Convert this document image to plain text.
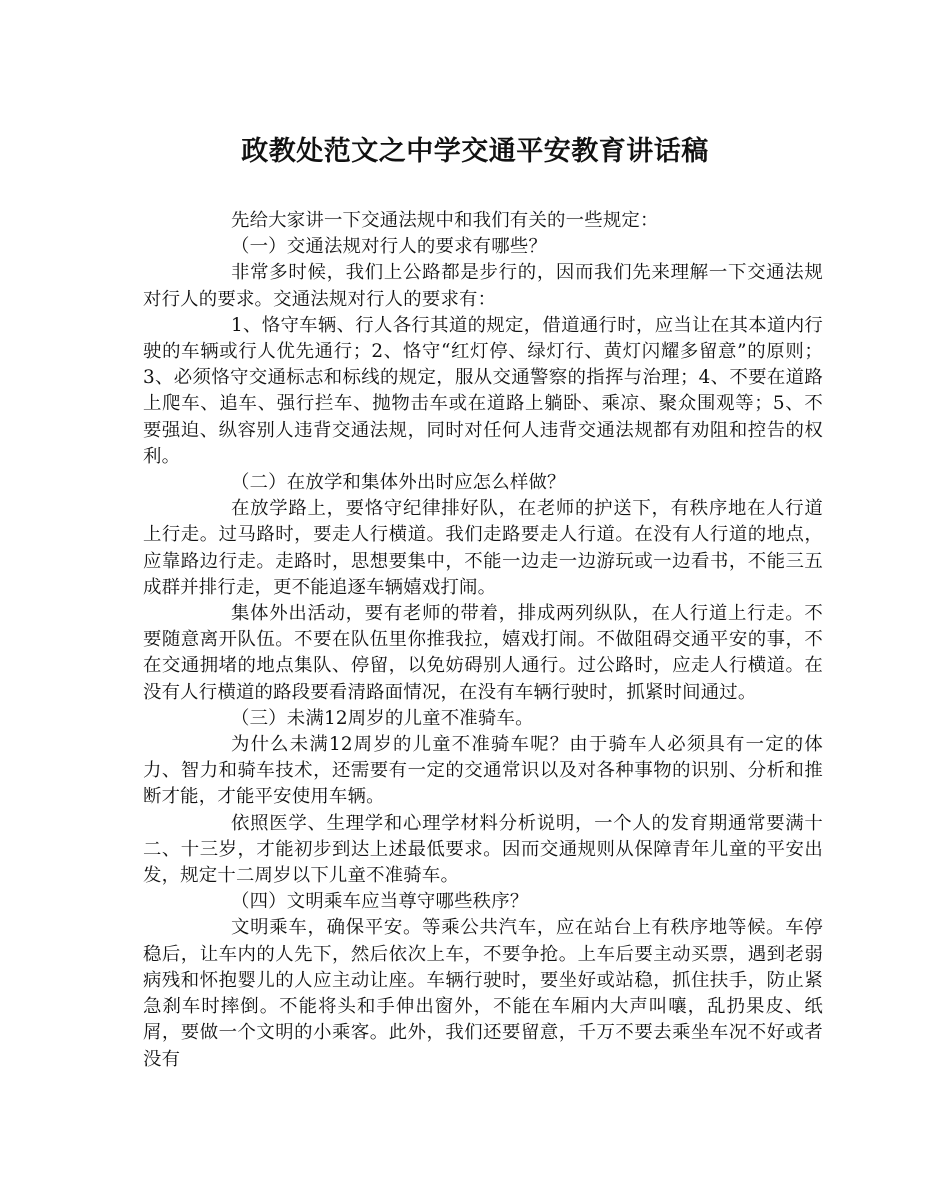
政教处范文之中学交通平安教育讲话稿

先给大家讲一下交通法规中和我们有关的一些规定：

（一）交通法规对行人的要求有哪些？

非常多时候，我们上公路都是步行的，因而我们先来理解一下交通法规对行人的要求。交通法规对行人的要求有：

1、恪守车辆、行人各行其道的规定，借道通行时，应当让在其本道内行驶的车辆或行人优先通行；2、恪守“红灯停、绿灯行、黄灯闪耀多留意”的原则；3、必须恪守交通标志和标线的规定，服从交通警察的指挥与治理；4、不要在道路上爬车、追车、强行拦车、抛物击车或在道路上躺卧、乘凉、聚众围观等；5、不要强迫、纵容别人违背交通法规，同时对任何人违背交通法规都有劝阻和控告的权利。

（二）在放学和集体外出时应怎么样做？

在放学路上，要恪守纪律排好队，在老师的护送下，有秩序地在人行道上行走。过马路时，要走人行横道。我们走路要走人行道。在没有人行道的地点，应靠路边行走。走路时，思想要集中，不能一边走一边游玩或一边看书，不能三五成群并排行走，更不能追逐车辆嬉戏打闹。

集体外出活动，要有老师的带着，排成两列纵队，在人行道上行走。不要随意离开队伍。不要在队伍里你推我拉，嬉戏打闹。不做阻碍交通平安的事，不在交通拥堵的地点集队、停留，以免妨碍别人通行。过公路时，应走人行横道。在没有人行横道的路段要看清路面情况，在没有车辆行驶时，抓紧时间通过。

（三）未满12周岁的儿童不准骑车。

为什么未满12周岁的儿童不准骑车呢？由于骑车人必须具有一定的体力、智力和骑车技术，还需要有一定的交通常识以及对各种事物的识别、分析和推断才能，才能平安使用车辆。

依照医学、生理学和心理学材料分析说明，一个人的发育期通常要满十二、十三岁，才能初步到达上述最低要求。因而交通规则从保障青年儿童的平安出发，规定十二周岁以下儿童不准骑车。

（四）文明乘车应当尊守哪些秩序？

文明乘车，确保平安。等乘公共汽车，应在站台上有秩序地等候。车停稳后，让车内的人先下，然后依次上车，不要争抢。上车后要主动买票，遇到老弱病残和怀抱婴儿的人应主动让座。车辆行驶时，要坐好或站稳，抓住扶手，防止紧急刹车时摔倒。不能将头和手伸出窗外，不能在车厢内大声叫嚷，乱扔果皮、纸屑，要做一个文明的小乘客。此外，我们还要留意，千万不要去乘坐车况不好或者没有
